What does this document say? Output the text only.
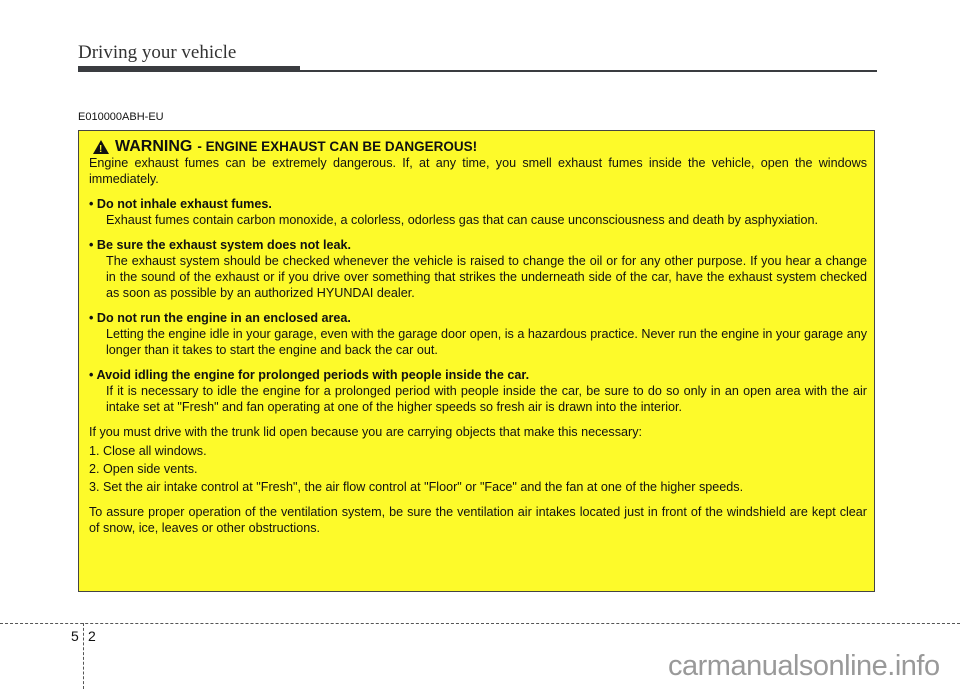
Driving your vehicle
E010000ABH-EU
!
WARNING - ENGINE EXHAUST CAN BE DANGEROUS!

Engine exhaust fumes can be extremely dangerous. If, at any time, you smell exhaust fumes inside the vehicle, open the windows immediately.

• Do not inhale exhaust fumes.

Exhaust fumes contain carbon monoxide, a colorless, odorless gas that can cause unconsciousness and death by asphyxiation.

• Be sure the exhaust system does not leak.

The exhaust system should be checked whenever the vehicle is raised to change the oil or for any other purpose. If you hear a change in the sound of the exhaust or if you drive over something that strikes the underneath side of the car, have the exhaust system checked as soon as possible by an authorized HYUNDAI dealer.

• Do not run the engine in an enclosed area.

Letting the engine idle in your garage, even with the garage door open, is a hazardous practice. Never run the engine in your garage any longer than it takes to start the engine and back the car out.

• Avoid idling the engine for prolonged periods with people inside the car.

If it is necessary to idle the engine for a prolonged period with people inside the car, be sure to do so only in an open area with the air intake set at "Fresh" and fan operating at one of the higher speeds so fresh air is drawn into the interior.

If you must drive with the trunk lid open because you are carrying objects that make this necessary:

1. Close all windows.

2. Open side vents.

3. Set the air intake control at "Fresh", the air flow control at "Floor" or "Face" and the fan at one of the higher speeds.

To assure proper operation of the ventilation system, be sure the ventilation air intakes located just in front of the windshield are kept clear of snow, ice, leaves or other obstructions.

5 2
carmanualsonline.info
